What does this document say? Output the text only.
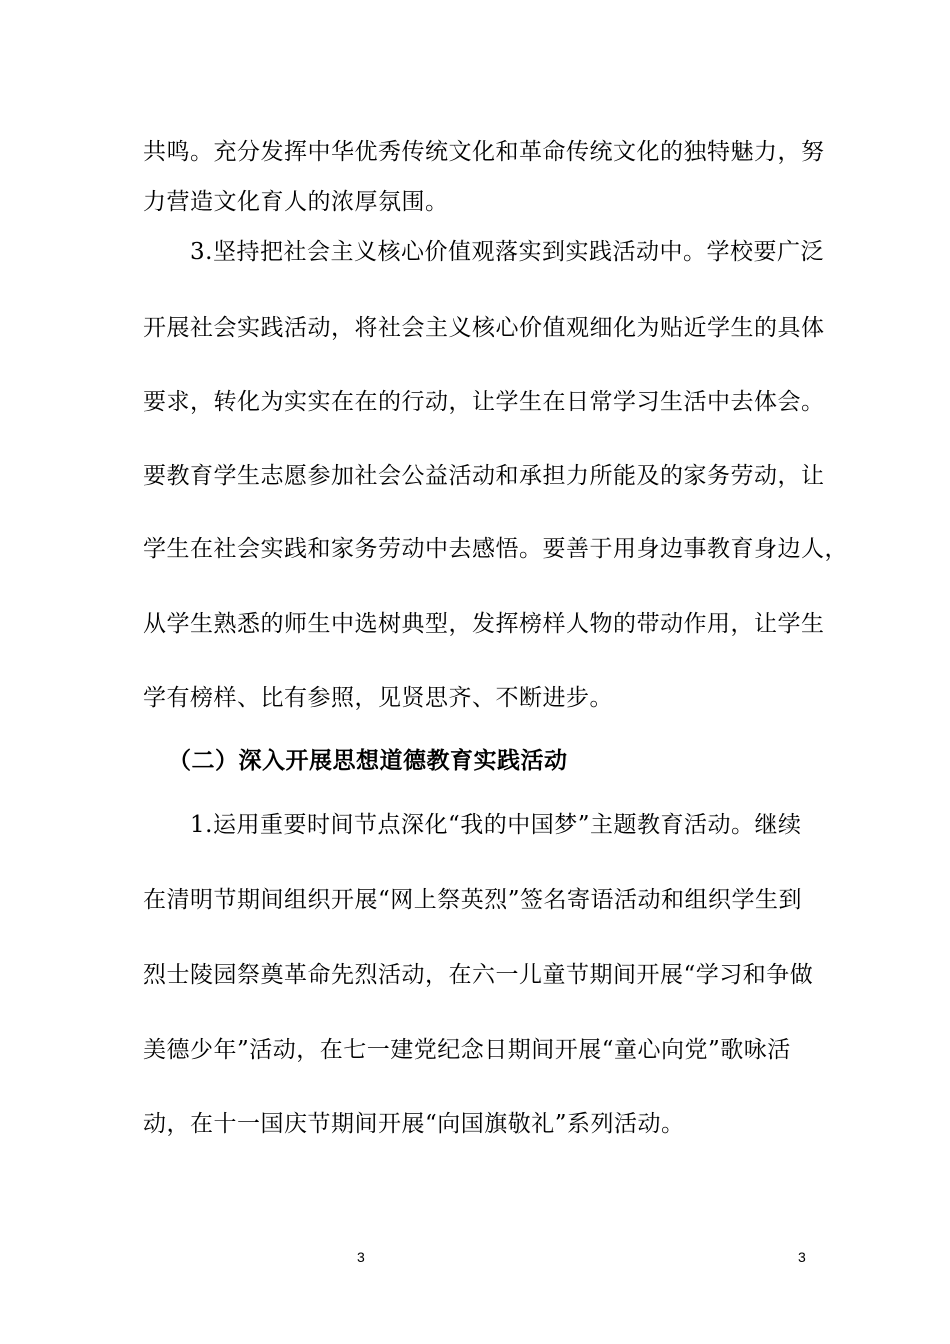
共鸣。充分发挥中华优秀传统文化和革命传统文化的独特魅力，努
力营造文化育人的浓厚氛围。
3.坚持把社会主义核心价值观落实到实践活动中。学校要广泛
开展社会实践活动，将社会主义核心价值观细化为贴近学生的具体
要求，转化为实实在在的行动，让学生在日常学习生活中去体会。
要教育学生志愿参加社会公益活动和承担力所能及的家务劳动，让
学生在社会实践和家务劳动中去感悟。要善于用身边事教育身边人，
从学生熟悉的师生中选树典型，发挥榜样人物的带动作用，让学生
学有榜样、比有参照，见贤思齐、不断进步。
（二）深入开展思想道德教育实践活动
1.运用重要时间节点深化“我的中国梦”主题教育活动。继续
在清明节期间组织开展“网上祭英烈”签名寄语活动和组织学生到
烈士陵园祭奠革命先烈活动，在六一儿童节期间开展“学习和争做
美德少年”活动，在七一建党纪念日期间开展“童心向党”歌咏活
动，在十一国庆节期间开展“向国旗敬礼”系列活动。
3	3
